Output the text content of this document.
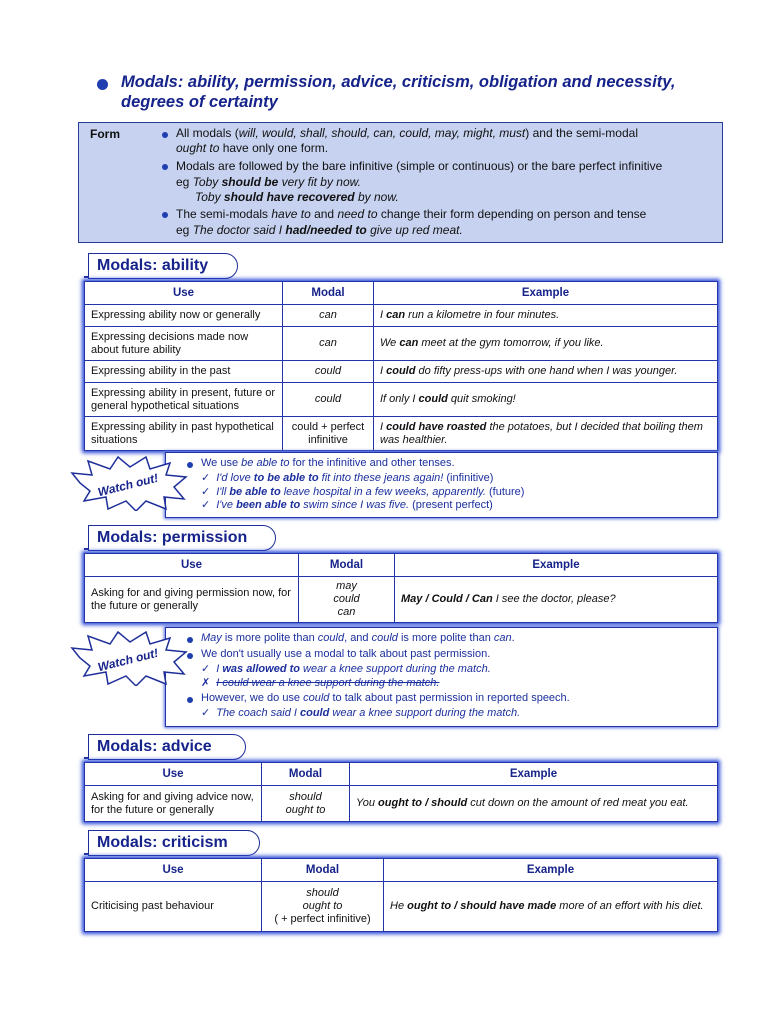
Modals: ability, permission, advice, criticism, obligation and necessity,
degrees of certainty
Form	All modals (will, would, shall, should, can, could, may, might, must) and the semi-modal
ought to have only one form.
Modals are followed by the bare infinitive (simple or continuous) or the bare perfect infinitive
eg Toby should be very fit by now.
Toby should have recovered by now.
The semi-modals have to and need to change their form depending on person and tense
eg The doctor said I had/needed to give up red meat.
Modals: ability
Use	Modal	Example
Expressing ability now or generally	can	I can run a kilometre in four minutes.
Expressing decisions made now about future ability	can	We can meet at the gym tomorrow, if you like.
Expressing ability in the past	could	I could do fifty press-ups with one hand when I was younger.
Expressing ability in present, future or general hypothetical situations	could	If only I could quit smoking!
Expressing ability in past hypothetical situations	could + perfect infinitive	I could have roasted the potatoes, but I decided that boiling them was healthier.
Watch out!
We use be able to for the infinitive and other tenses.
✓ I'd love to be able to fit into these jeans again! (infinitive)
✓ I'll be able to leave hospital in a few weeks, apparently. (future)
✓ I've been able to swim since I was five. (present perfect)
Modals: permission
Use	Modal	Example
Asking for and giving permission now, for the future or generally	may
could
can	May / Could / Can I see the doctor, please?
Watch out!
May is more polite than could, and could is more polite than can.
We don't usually use a modal to talk about past permission.
✓ I was allowed to wear a knee support during the match.
✗ I could wear a knee support during the match.
However, we do use could to talk about past permission in reported speech.
✓ The coach said I could wear a knee support during the match.
Modals: advice
Use	Modal	Example
Asking for and giving advice now, for the future or generally	should
ought to	You ought to / should cut down on the amount of red meat you eat.
Modals: criticism
Use	Modal	Example
Criticising past behaviour	should
ought to
( + perfect infinitive)	He ought to / should have made more of an effort with his diet.
